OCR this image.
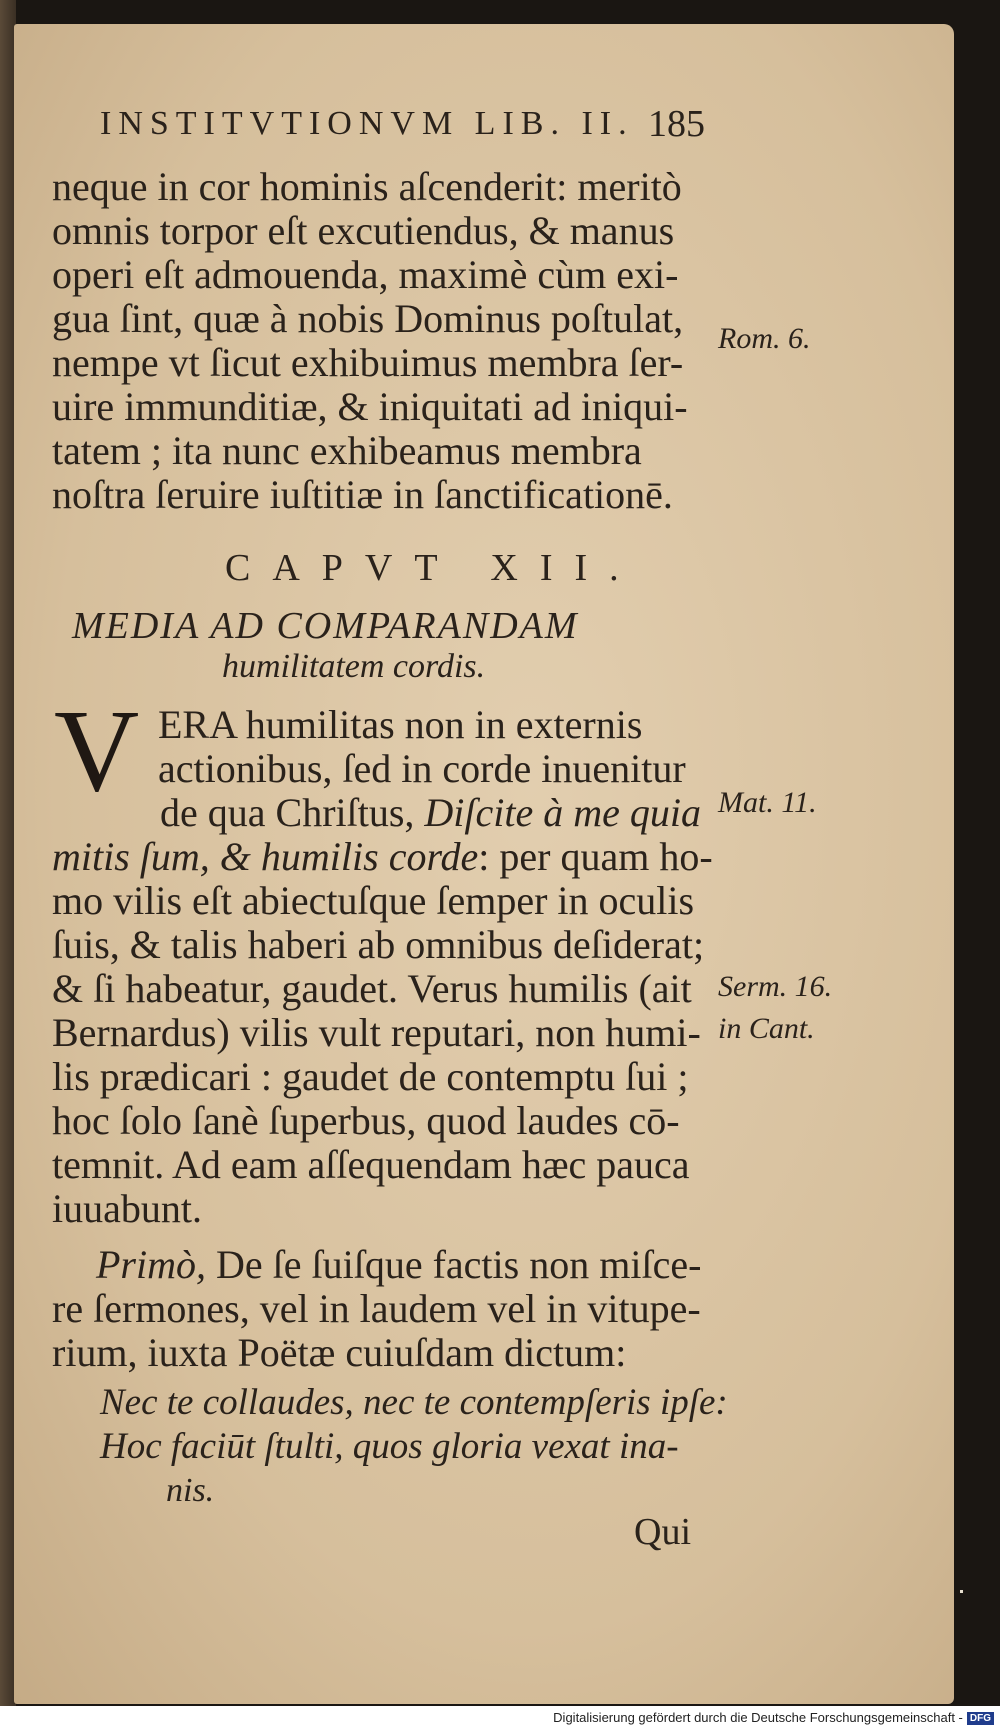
INSTITVTIONVM LIB. II. 185
neque in cor hominis aſcenderit: meritò
omnis torpor eſt excutiendus, & manus
operi eſt admouenda, maximè cùm exi-
gua ſint, quæ à nobis Dominus poſtulat,
nempe vt ſicut exhibuimus membra ſer-
uire immunditiæ, & iniquitati ad iniqui-
tatem ; ita nunc exhibeamus membra
noſtra ſeruire iuſtitiæ in ſanctificationē.
Rom. 6.
CAPVT XII.
MEDIA AD COMPARANDAM
humilitatem cordis.
V ERA humilitas non in externis
actionibus, ſed in corde inuenitur
de qua Chriſtus, Diſcite à me quia
mitis ſum, & humilis corde: per quam ho-
Mat. 11.
mo vilis eſt abiectuſque ſemper in oculis
ſuis, & talis haberi ab omnibus deſiderat;
& ſi habeatur, gaudet. Verus humilis (ait
Bernardus) vilis vult reputari, non humi-
lis prædicari : gaudet de contemptu ſui ;
hoc ſolo ſanè ſuperbus, quod laudes cō-
temnit. Ad eam aſſequendam hæc pauca
iuuabunt.
Serm. 16.
in Cant.
Primò, De ſe ſuiſque factis non miſce-
re ſermones, vel in laudem vel in vitupe-
rium, iuxta Poëtæ cuiuſdam dictum:
Nec te collaudes, nec te contempſeris ipſe:
Hoc faciūt ſtulti, quos gloria vexat ina-
nis.
Qui
Digitalisierung gefördert durch die Deutsche Forschungsgemeinschaft - DFG
